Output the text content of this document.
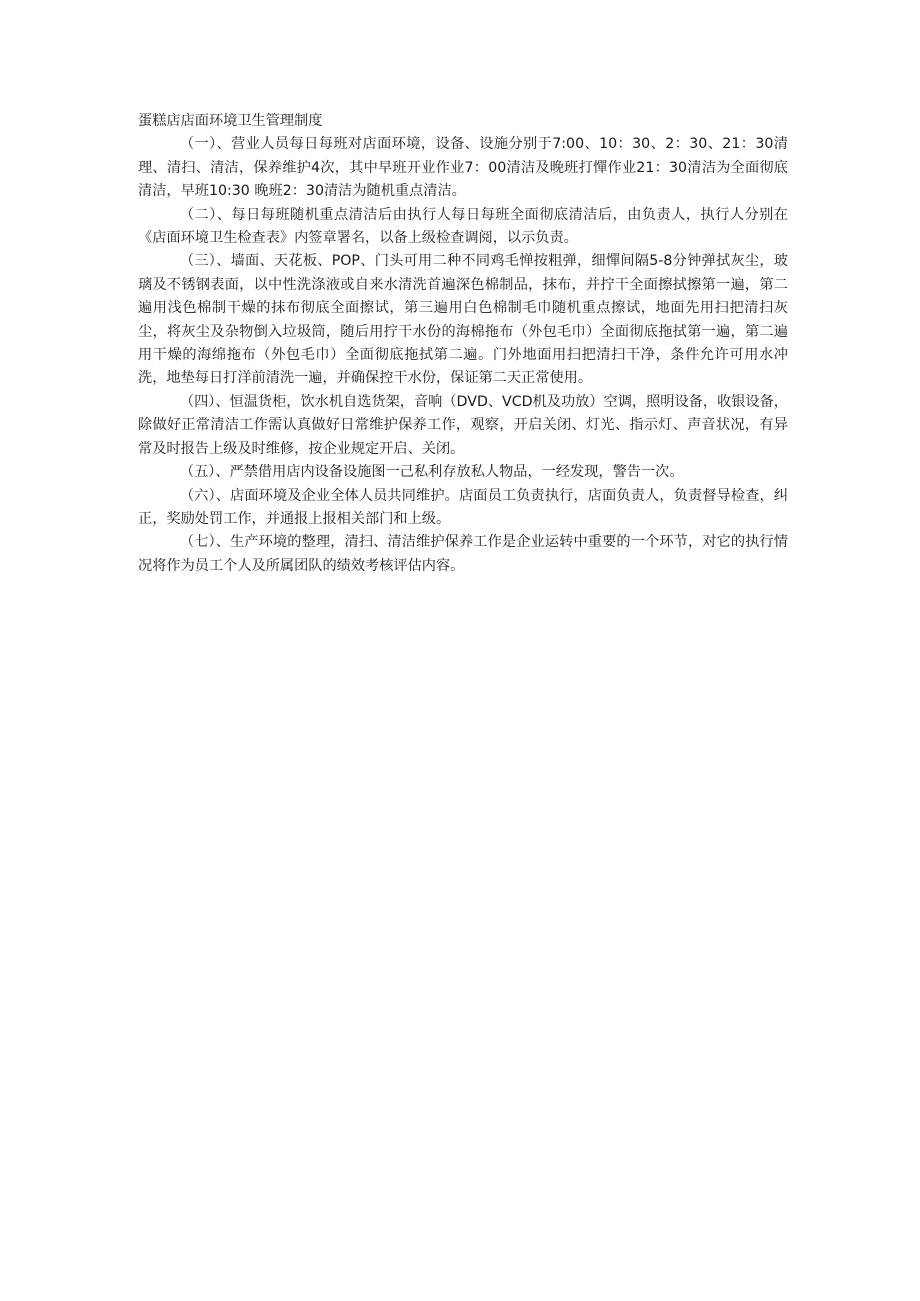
蛋糕店店面环境卫生管理制度

（一）、营业人员每日每班对店面环境，设备、设施分别于7:00、10：30、2：30、21：30清理、清扫、清洁，保养维护4次，其中早班开业作业7：00清洁及晚班打憚作业21：30清洁为全面彻底清洁，早班10:30 晚班2：30清洁为随机重点清洁。

（二）、每日每班随机重点清洁后由执行人每日每班全面彻底清洁后，由负责人，执行人分别在《店面环境卫生检查表》内签章署名，以备上级检查调阅，以示负责。

（三）、墙面、天花板、POP、门头可用二种不同鸡毛惮按粗弹，细憚间隔5-8分钟弹拭灰尘，玻璃及不锈钢表面，以中性洗涤液或自来水清洗首遍深色棉制品，抹布，并拧干全面擦拭擦第一遍，第二遍用浅色棉制干燥的抹布彻底全面擦试，第三遍用白色棉制毛巾随机重点擦试，地面先用扫把清扫灰尘，将灰尘及杂物倒入垃圾筒，随后用拧干水份的海棉拖布（外包毛巾）全面彻底拖拭第一遍，第二遍用干燥的海绵拖布（外包毛巾）全面彻底拖拭第二遍。门外地面用扫把清扫干净，条件允许可用水冲洗，地垫每日打洋前清洗一遍，并确保控干水份，保证第二天正常使用。

（四）、恒温货柜，饮水机自选货架，音响（DVD、VCD机及功放）空调，照明设备，收银设备，除做好正常清洁工作需认真做好日常维护保养工作，观察，开启关闭、灯光、指示灯、声音状况，有异常及时报告上级及时维修，按企业规定开启、关闭。

（五）、严禁借用店内设备设施图一己私利存放私人物品，一经发现，警告一次。

（六）、店面环境及企业全体人员共同维护。店面员工负责执行，店面负责人，负责督导检查，纠正，奖励处罚工作，并通报上报相关部门和上级。

（七）、生产环境的整理，清扫、清洁维护保养工作是企业运转中重要的一个环节，对它的执行情况将作为员工个人及所属团队的绩效考核评估内容。
